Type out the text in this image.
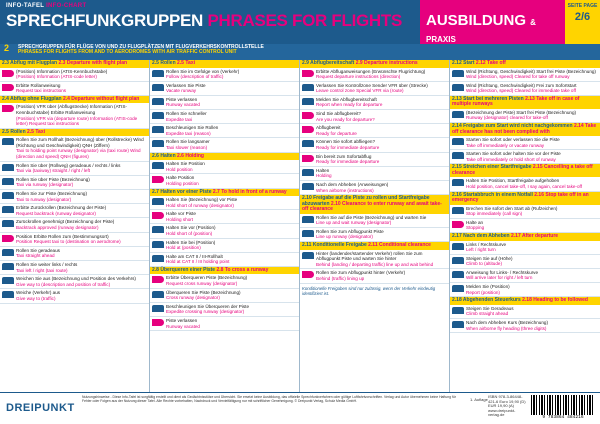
INFO-TAFEL INFO-CHART
SPRECHFUNKGRUPPEN PHRASES FOR FLIGHTS AUSBILDUNG & PRAXIS
SEITE PAGE
2/6
2 SPRECHGRUPPEN FÜR FLÜGE VON UND ZU FLUGPLÄTZEN MIT FLUGVERKEHRSKONTROLLSTELLE
PHRASES FOR FLIGHTS FROM AND TO AERODROMES WITH AIR TRAFFIC CONTROL UNIT
2.3 Abflug mit Flugplan 2.3 Departure with flight plan
(Position) Information (ATIS-Kennbuchstabe)
(Position) Information (ATIS-code letter)
Erbitte Rollanweisung
Request taxi instructions
2.4 Abflug ohne Flugplan 2.4 Departure without flight plan
(Position) VFR über (Abflugstrecke) Information (ATIS-Kennbuchstabe) Erbitte Rollanweisung
(Position) VFR via (departure route) Information (ATIS-code letter) Request taxi instructions
2.5 Rollen 2.5 Taxi
Rollen Sie zum Rollhalt (Bezeichnung) über (Rollstrecke) Wind (Richtung und Geschwindigkeit) QNH (Ziffern)
Taxi to holding point runway (designator) via (taxi route) Wind (direction and speed) QNH (figures)
Rollen Sie über (Rollweg) geradeaus / rechts / links
Taxi via (taxiway) straight / right / left
Rollen Sie über Piste (Bezeichnung)
Taxi via runway (designator)
Rollen Sie zur Piste (Bezeichnung)
Taxi to runway (designator)
Erbitte Zurückrollen (Bezeichnung der Piste)
Request backtrack (runway designator)
Zurückrollen genehmigt (Bezeichnung der Piste)
Backtrack approved (runway designator)
Position Erbitte Rollen zum (Bestimmungsort)
Position Request taxi to (destination on aerodrome)
Rollen Sie geradeaus
Taxi straight ahead
Rollen Sie weiter links / rechts
Taxi left / right (taxi route)
Weichen Sie aus (Bezeichnung und Position des Verkehrs)
Give way to (description and position of traffic)
Weiche (Verkehr) aus
Give way to (traffic)
2.5 Rollen 2.5 Taxi
Rollen Sie im Gefolge von (Verkehr)
Follow (description of traffic)
Verlassen Sie Piste
Vacate runway
Piste verlassen
Runway vacated
Rollen Sie schneller
Expedite taxi
Beschleunigen Sie Rollen
Expedite taxi (reason)
Rollen Sie langsamer
Taxi slower (reason)
2.6 Halten 2.6 Holding
Halten Sie Position
Hold position
Halte Position
Holding position
2.7 Halten vor einer Piste 2.7 To hold in front of a runway
Halten Sie (Bezeichnung) vor Piste
Hold short of runway (designator)
Halte vor Piste
Holding short
Halten Sie vor (Position)
Hold short of (position)
Halten Sie bei (Position)
Hold at (position)
Halte am CAT II / III-Rollhalt
Hold at CAT II / III holding point
2.8 Überqueren einer Piste 2.8 To cross a runway
Erbitte Überqueren Piste (Bezeichnung)
Request cross runway (designator)
Überqueren Sie Piste (Bezeichnung)
Cross runway (designator)
Beschleunigen Sie Überqueren der Piste
Expedite crossing runway (designator)
Piste verlassen
Runway vacated
2.9 Abflugbereitschaft 2.9 Departure instructions
Erbitte Abfluganweisungen (Erwünschte Flugrichtung)
Request departure instructions (direction)
Verlassen Sie Kontrollzone Sender VFR über (Strecke)
Leave control zone Special VFR via (route)
Melden Sie Abflugbereitschaft
Report when ready for departure
Sind Sie abflugbereit?
Are you ready for departure?
Abflugbereit
Ready for departure
Können Sie sofort abfliegen?
Ready for immediate departure
Bin bereit zum Sofortabflug
Ready for immediate departure
Halten
Holding
Nach dem Abheben (Anweisungen)
When airborne (instructions)
2.10 Freigabe auf die Piste zu rollen und Startfreigabe abzuwarten 2.10 Clearance to enter runway and await take-off clearance
Rollen Sie auf die Piste (Bezeichnung) und warten Sie
Line up and wait runway (designator)
Rollen Sie zum Abflugpunkt Piste
Line up runway (designator)
2.11 Konditionelle Freigabe 2.11 Conditional clearance
Hinter (landender/startender Verkehr) rollen Sie zum Abflugpunkt Piste und warten Sie hinter
Behind (landing / departing traffic) line up and wait behind
Rollen Sie zum Abflugpunkt hinter (Verkehr)
Behind (traffic) lining up
Konditionelle Freigaben sind nur zulässig, wenn der Verkehr eindeutig identifiziert ist.
2.12 Start 2.12 Take off
Wind (Richtung, Geschwindigkeit) Start frei Piste (Bezeichnung)
Wind (direction, speed) Cleared for take off runway
Wind (Richtung, Geschwindigkeit) Frei zum Sofortstart
Wind (direction, speed) Cleared for immediate take off
2.13 Start bei mehreren Pisten 2.13 Take off in case of multiple runways
(Bezeichnung der Piste) Start frei Piste (Bezeichnung)
Runway (designator) cleared for take-off
2.14 Freigabe zum Start wird nicht nachgekommen 2.14 Take off clearance has not been complied with
Starten Sie sofort oder verlassen Sie die Piste
Take off immediately or vacate runway
Starten Sie sofort oder halten Sie vor der Piste
Take off immediately or hold short of runway
2.15 Streichen einer Startfreigabe 2.15 Cancelling a take off clearance
Halten Sie Position, Startfreigabe aufgehoben
Hold position, cancel take-off, I say again, cancel take-off
2.16 Startabbruch in einem Notfall 2.16 Stop take off in an emergency
Brechen Sie sofort den Start ab (Rufzeichen)
Stop immediately (call sign)
Halte an
Stopping
2.17 Nach dem Abheben 2.17 After departure
Links / Rechtskurve
Left / right turn
Steigen Sie auf (Höhe)
Climb to (altitude)
Anweisung für Links- / Rechtskurve
Will arrive later for right / left turn
Melden Sie (Position)
Report (position)
2.18 Abgehenden Steuerkurs 2.18 Heading to be followed
Steigen Sie Geradeaus
Climb straight ahead
Nach dem Abheben Kurs (Bezeichnung)
When airborne fly heading (three digits)
DREIPUNKT
Nutzungshinweise - Diese Info-Tafel ist sorgfältig erstellt und dient als Gedächtnisstütze und Übersicht. Sie ersetzt keine Ausbildung, das offizielle Sprechfunkverfahren oder gültige Luftfahrtvorschriften. Verlag und Autor übernehmen keine Haftung für Fehler oder Folgen aus der Nutzung dieser Tafel. Alle Rechte vorbehalten, Nachdruck und Vervielfältigung nur mit schriftlicher Genehmigung. © Dreipunkt Verlag, Schulz Media GmbH.	1. Auflage
ISBN 978-3-86448-421-6 Euro 19,90 (D) EUR 19,90 (A) www.dreipunkt-verlag.de
9 783864 484216
